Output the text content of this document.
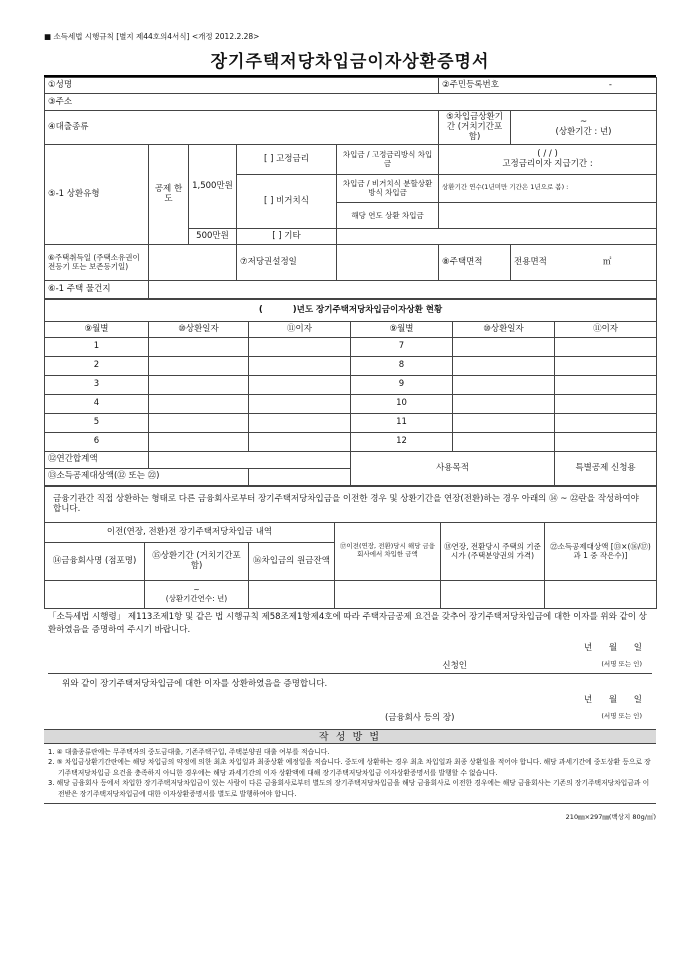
■ 소득세법 시행규칙 [별지 제44호의4서식] <개정 2012.2.28>
장기주택저당차입금이자상환증명서
①성명					②주민등록번호 -	
③주소						
④대출종류					⑤차입금상환기간 (거치기간포함)	~
(상환기간 : 년)

⑤-1 상환유형	공제 한도	1,500만원	[ ] 고정금리	차입금 / 고정금리방식 차입금	( / / )
고정금리이자 지급기간 :	

			[ ] 비거치식	차입금 / 비거치식 분할상환 방식 차입금	상환기간 연수(1년미만 기간은 1년으로 봄) :	
				해당 연도 상환 차입금		
		500만원	[ ] 기타			
⑥주택취득일 (주택소유권이전등기 또는 보존등기일)			⑦저당권설정일		⑧주택면적	전용면적 ㎡
⑥-1 주택 물건지						
( )년도 장기주택저당차입금이자상환 현황					
⑨월별	⑩상환일자	⑪이자	⑨월별	⑩상환일자	⑪이자
1			7		
2			8		
3			9		
4			10		
5			11		
6			12		
⑫연간합계액			사용목적		특별공제 신청용
⑬소득공제대상액(⑫ 또는 ㉒)					
금융기관간 직접 상환하는 형태로 다른 금융회사로부터 장기주택저당차입금을 이전한 경우 및 상환기간을 연장(전환)하는 경우 아래의 ⑭ ~ ㉒란을 작성하여야 합니다.					
이전(연장, 전환)전 장기주택저당차입금 내역			⑰이전(연장, 전환)당시 해당 금융회사에서 차입한 금액	⑱연장, 전환당시 주택의 기준시가 (주택분양권의 가격)	㉒소득공제대상액 [⑬×(⑯/⑰)과 1 중 작은수)]
⑭금융회사명 (점포명)	⑮상환기간 (거치기간포함)	⑯차입금의 원금잔액			

	~
(상환기간연수: 년)				

「소득세법 시행령」 제113조제1항 및 같은 법 시행규칙 제58조제1항제4호에 따라 주택자금공제 요건을 갖추어 장기주택저당차입금에 대한 이자를 위와 같이 상환하였음을 증명하여 주시기 바랍니다.
년 월 일
신청인	(서명 또는 인)
위와 같이 장기주택저당차입금에 대한 이자를 상환하였음을 증명합니다.
년 월 일
(금융회사 등의 장)	(서명 또는 인)
작 성 방 법
1. ④ 대출종류란에는 무주택자의 중도금대출, 기존주택구입, 주택분양권 대출 여부를 적습니다.
2. ⑤ 차입금상환기간란에는 해당 차입금의 약정에 의한 최초 차입일과 최종상환 예정일을 적습니다. 중도에 상환하는 경우 최초 차입일과 최종 상환일을 적어야 합니다. 해당 과세기간에 중도상환 등으로 장기주택저당차입금 요건을 충족하지 아니한 경우에는 해당 과세기간의 이자 상환액에 대해 장기주택저당차입금 이자상환증명서를 발행할 수 없습니다.
3. 해당 금융회사 등에서 차입한 장기주택저당차입금이 있는 사람이 다른 금융회사로부터 별도의 장기주택저당차입금을 해당 금융회사로 이전한 경우에는 해당 금융회사는 기존의 장기주택저당차입금과 이전받은 장기주택저당차입금에 대한 이자상환증명서를 별도로 발행하여야 합니다.
210㎜×297㎜(백상지 80g/㎡)
